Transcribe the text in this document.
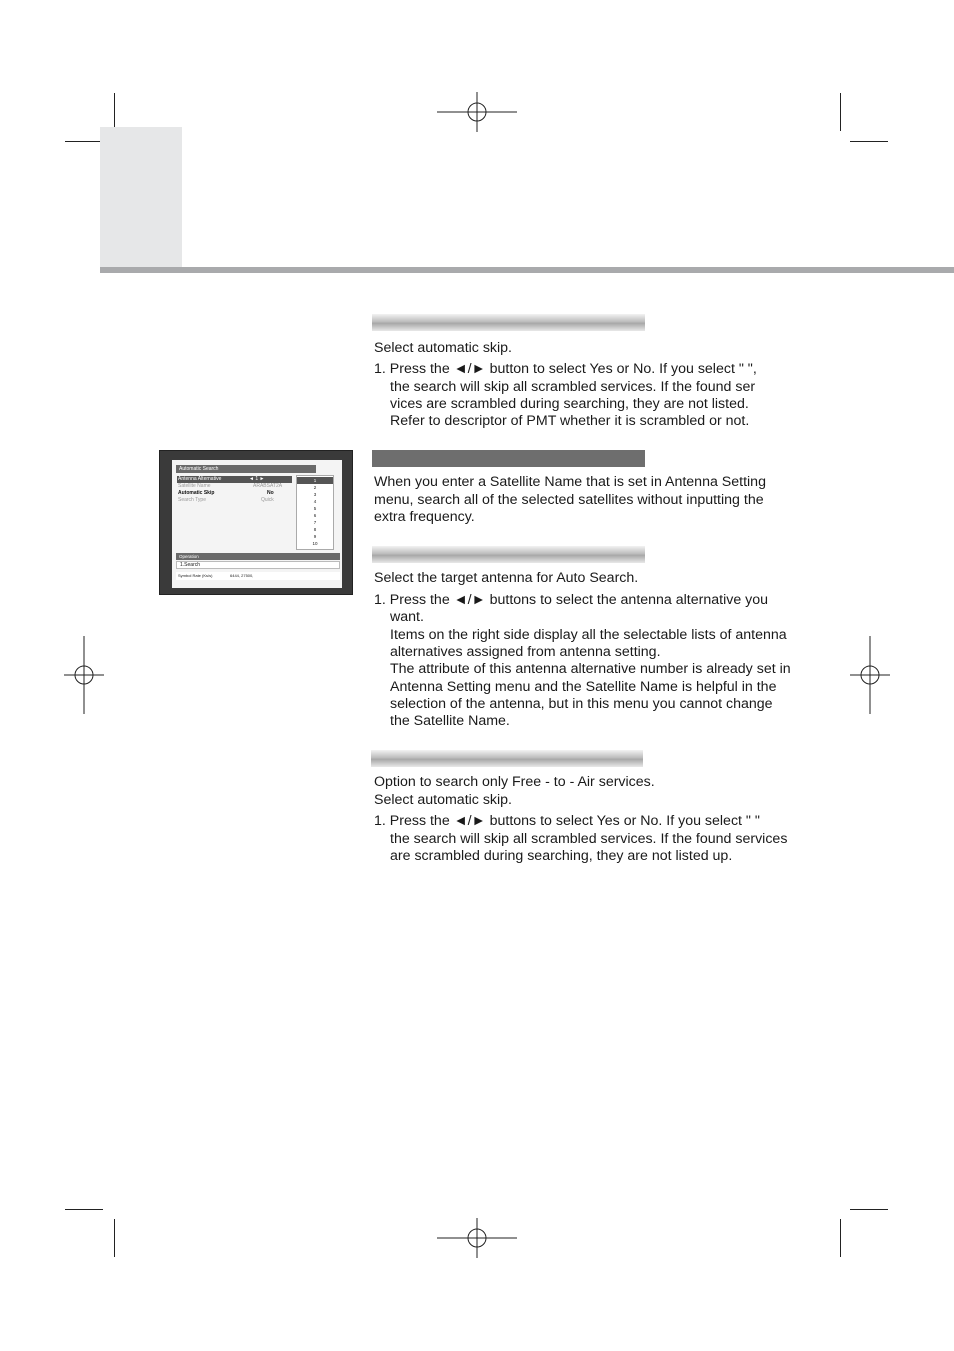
Select automatic skip.
1. Press the ◄/► button to select Yes or No. If you select " ",
the search will skip all scrambled services. If the found ser
vices are scrambled during searching, they are not listed.
Refer to descriptor of PMT whether it is scrambled or not.
When you enter a Satellite Name that is set in Antenna Setting
menu, search all of the selected satellites without inputting the
extra frequency.
Select the target antenna for Auto Search.
1. Press the ◄/► buttons to select the antenna alternative you
want.
Items on the right side display all the selectable lists of antenna
alternatives assigned from antenna setting.
The attribute of this antenna alternative number is already set in
Antenna Setting menu and the Satellite Name is helpful in the
selection of the antenna, but in this menu you cannot change
the Satellite Name.
Option to search only Free - to - Air services.
Select automatic skip.
1. Press the ◄/► buttons to select Yes or No. If you select " "
the search will skip all scrambled services. If the found services
are scrambled during searching, they are not listed up.
Automatic Search
Antenna Alternative	◄ 1 ►
Satellite Name	ARABSAT2A
Automatic Skip	No
Search Type	Quick
1
2
3
4
5
6
7
8
9
10
Operation
1.Search
Symbol Rate (Ks/s)	6444, 27500,
